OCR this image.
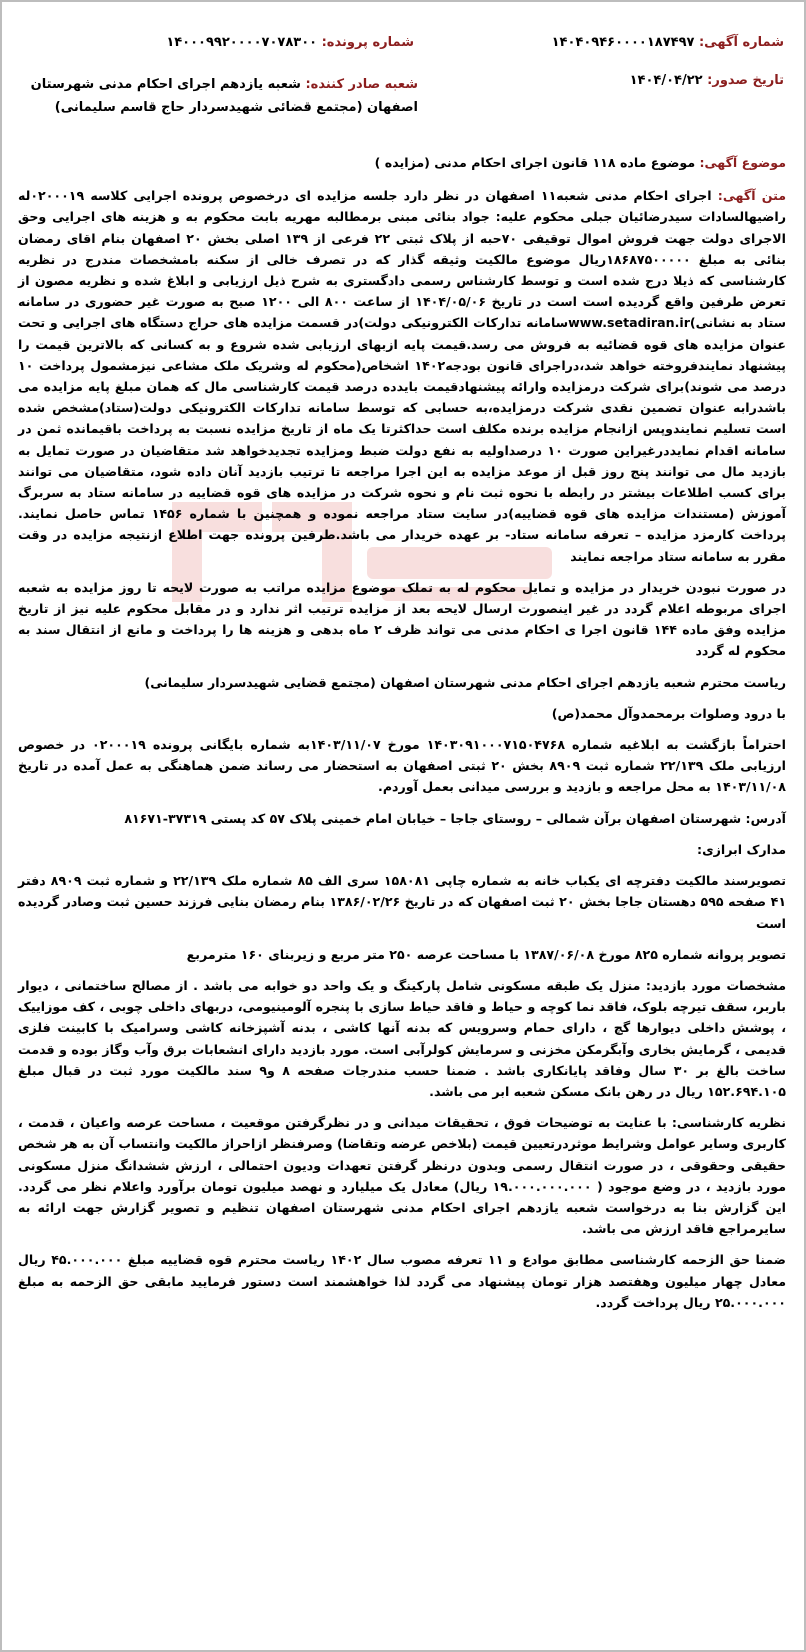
شماره آگهی: ۱۴۰۴۰۹۴۶۰۰۰۰۱۸۷۴۹۷
شماره پرونده: ۱۴۰۰۰۹۹۲۰۰۰۰۷۰۷۸۳۰۰
تاریخ صدور: ۱۴۰۴/۰۴/۲۲
شعبه صادر کننده: شعبه یازدهم اجرای احکام مدنی شهرستان اصفهان (مجتمع قضائی شهیدسردار حاج قاسم سلیمانی)

موضوع آگهی: موضوع ماده ۱۱۸ قانون اجرای احکام مدنی (مزایده )

متن آگهی: اجرای احکام مدنی شعبه۱۱ اصفهان در نظر دارد جلسه مزایده ای درخصوص پرونده اجرایی کلاسه ۰۲۰۰۰۱۹له راضیهالسادات سیدرضائیان جبلی محکوم علیه: جواد بنائی مبنی برمطالبه مهریه بابت محکوم به و هزینه های اجرایی وحق الاجرای دولت جهت فروش اموال توقیفی ۷۰حبه از پلاک ثبتی ۲۲ فرعی از ۱۳۹ اصلی بخش ۲۰ اصفهان بنام اقای رمضان بنائی به مبلغ ۱۸۶۸۷۵۰۰۰۰۰ریال موضوع مالکیت وثیقه گذار که در تصرف خالی از سکنه بامشخصات مندرج در نظریه کارشناسی که ذیلا درج شده است و توسط کارشناس رسمی دادگستری به شرح ذیل ارزیابی و ابلاغ شده و نظریه مصون از تعرض طرفین واقع گردیده است است در تاریخ ۱۴۰۴/۰۵/۰۶ از ساعت ۸۰۰ الی ۱۲۰۰ صبح به صورت غیر حضوری در سامانه ستاد به نشانی)www.setadiran.irسامانه تدارکات الکترونیکی دولت)در قسمت مزایده های حراج دستگاه های اجرایی و تحت عنوان مزایده های قوه قضائیه به فروش می رسد.قیمت پایه ازبهای ارزیابی شده شروع و به کسانی که بالاترین قیمت را پیشنهاد نمایندفروخته خواهد شد،دراجرای قانون بودجه۱۴۰۲ اشخاص(محکوم له وشریک ملک مشاعی نیزمشمول پرداخت ۱۰ درصد می شوند)برای شرکت درمزایده وارائه پیشنهادقیمت بایدده درصد قیمت کارشناسی مال که همان مبلغ پایه مزایده می باشدرابه عنوان تضمین نقدی شرکت درمزایده،به حسابی که توسط سامانه تدارکات الکترونیکی دولت(ستاد)مشخص شده است تسلیم نمایندوپس ازانجام مزایده برنده مکلف است حداکثرتا یک ماه از تاریخ مزایده نسبت به پرداخت باقیمانده ثمن در سامانه اقدام نمایددرغیراین صورت ۱۰ درصداولیه به نفع دولت ضبط ومزایده تجدیدخواهد شد متقاضیان در صورت تمایل به بازدید مال می توانند پنج روز قبل از موعد مزایده به این اجرا مراجعه تا ترتیب بازدید آنان داده شود، متقاضیان می توانند برای کسب اطلاعات بیشتر در رابطه با نحوه ثبت نام و نحوه شرکت در مزایده های قوه قضاییه در سامانه ستاد به سربرگ آموزش (مستندات مزایده های قوه قضاییه)در سایت ستاد مراجعه نموده و همچنین با شماره ۱۴۵۶ تماس حاصل نمایند. پرداخت کارمزد مزایده – تعرفه سامانه ستاد- بر عهده خریدار می باشد.طرفین پرونده جهت اطلاع ازنتیجه مزایده در وقت مقرر به سامانه ستاد مراجعه نمایند

در صورت نبودن خریدار در مزایده و تمایل محکوم له به تملک موضوع مزایده مراتب به صورت لایحه تا روز مزایده به شعبه اجرای مربوطه اعلام گردد در غیر اینصورت ارسال لایحه بعد از مزایده ترتیب اثر ندارد و در مقابل محکوم علیه نیز از تاریخ مزایده وفق ماده ۱۴۴ قانون اجرا ی احکام مدنی می تواند ظرف ۲ ماه بدهی و هزینه ها را پرداخت و مانع از انتقال سند به محکوم له گردد

ریاست محترم شعبه یازدهم اجرای احکام مدنی شهرستان اصفهان (مجتمع قضایی شهیدسردار سلیمانی)

با درود وصلوات برمحمدوآل محمد(ص)

احتراماً بازگشت به ابلاغیه شماره ۱۴۰۳۰۹۱۰۰۰۷۱۵۰۴۷۶۸ مورخ ۱۴۰۳/۱۱/۰۷به شماره بایگانی پرونده ۰۲۰۰۰۱۹ در خصوص ارزیابی ملک ۲۲/۱۳۹ شماره ثبت ۸۹۰۹ بخش ۲۰ ثبتی اصفهان به استحضار می رساند ضمن هماهنگی به عمل آمده در تاریخ ۱۴۰۳/۱۱/۰۸ به محل مراجعه و بازدید و بررسی میدانی بعمل آوردم.

آدرس: شهرستان اصفهان برآن شمالی – روستای جاجا – خیابان امام خمینی پلاک ۵۷ کد پستی ۳۷۳۱۹-۸۱۶۷۱

مدارک ابرازی:

تصویرسند مالکیت دفترچه ای یکباب خانه به شماره چاپی ۱۵۸۰۸۱ سری الف ۸۵ شماره ملک ۲۲/۱۳۹ و شماره ثبت ۸۹۰۹ دفتر ۴۱ صفحه ۵۹۵ دهستان جاجا بخش ۲۰ ثبت اصفهان که در تاریخ ۱۳۸۶/۰۲/۲۶ بنام رمضان بنایی فرزند حسین ثبت وصادر گردیده است

تصویر پروانه شماره ۸۲۵ مورخ ۱۳۸۷/۰۶/۰۸ با مساحت عرصه ۲۵۰ متر مربع و زیربنای ۱۶۰ مترمربع

مشخصات مورد بازدید: منزل یک طبقه مسکونی شامل پارکینگ و یک واحد دو خوابه می باشد . از مصالح ساختمانی ، دیوار باربر، سقف تیرچه بلوک، فاقد نما کوچه و حیاط و فاقد حیاط سازی با پنجره آلومینیومی، دربهای داخلی چوبی ، کف موزاییک ، پوشش داخلی دیوارها گچ ، دارای حمام وسرویس که بدنه آنها کاشی ، بدنه آشپزخانه کاشی وسرامیک با کابینت فلزی قدیمی ، گرمایش بخاری وآبگرمکن مخزنی و سرمایش کولرآبی است. مورد بازدید دارای انشعابات برق وآب وگاز بوده و قدمت ساخت بالغ بر ۳۰ سال وفاقد پایانکاری باشد . ضمنا حسب مندرجات صفحه ۸ و۹ سند مالکیت مورد ثبت در قبال مبلغ ۱۵۲.۶۹۴.۱۰۵ ریال در رهن بانک مسکن شعبه ابر می باشد.

نظریه کارشناسی: با عنایت به توضیحات فوق ، تحقیقات میدانی و در نظرگرفتن موقعیت ، مساحت عرصه واعیان ، قدمت ، کاربری وسایر عوامل وشرایط موثردرتعیین قیمت (بلاخص عرضه وتقاضا) وصرفنظر ازاحراز مالکیت وانتساب آن به هر شخص حقیقی وحقوقی ، در صورت انتقال رسمی وبدون درنظر گرفتن تعهدات ودیون احتمالی ، ارزش ششدانگ منزل مسکونی مورد بازدید ، در وضع موجود ( ۱۹.۰۰۰.۰۰۰.۰۰۰ ریال) معادل یک میلیارد و نهصد میلیون تومان برآورد واعلام نظر می گردد. این گزارش بنا به درخواست شعبه یازدهم اجرای احکام مدنی شهرستان اصفهان تنظیم و تصویر گزارش جهت ارائه به سایرمراجع فاقد ارزش می باشد.

ضمنا حق الزحمه کارشناسی مطابق موادع و ۱۱ تعرفه مصوب سال ۱۴۰۲ ریاست محترم قوه قضاییه مبلغ ۴۵.۰۰۰.۰۰۰ ریال معادل چهار میلیون وهفتصد هزار تومان پیشنهاد می گردد لذا خواهشمند است دستور فرمایید مابقی حق الزحمه به مبلغ ۲۵.۰۰۰.۰۰۰ ریال پرداخت گردد.
